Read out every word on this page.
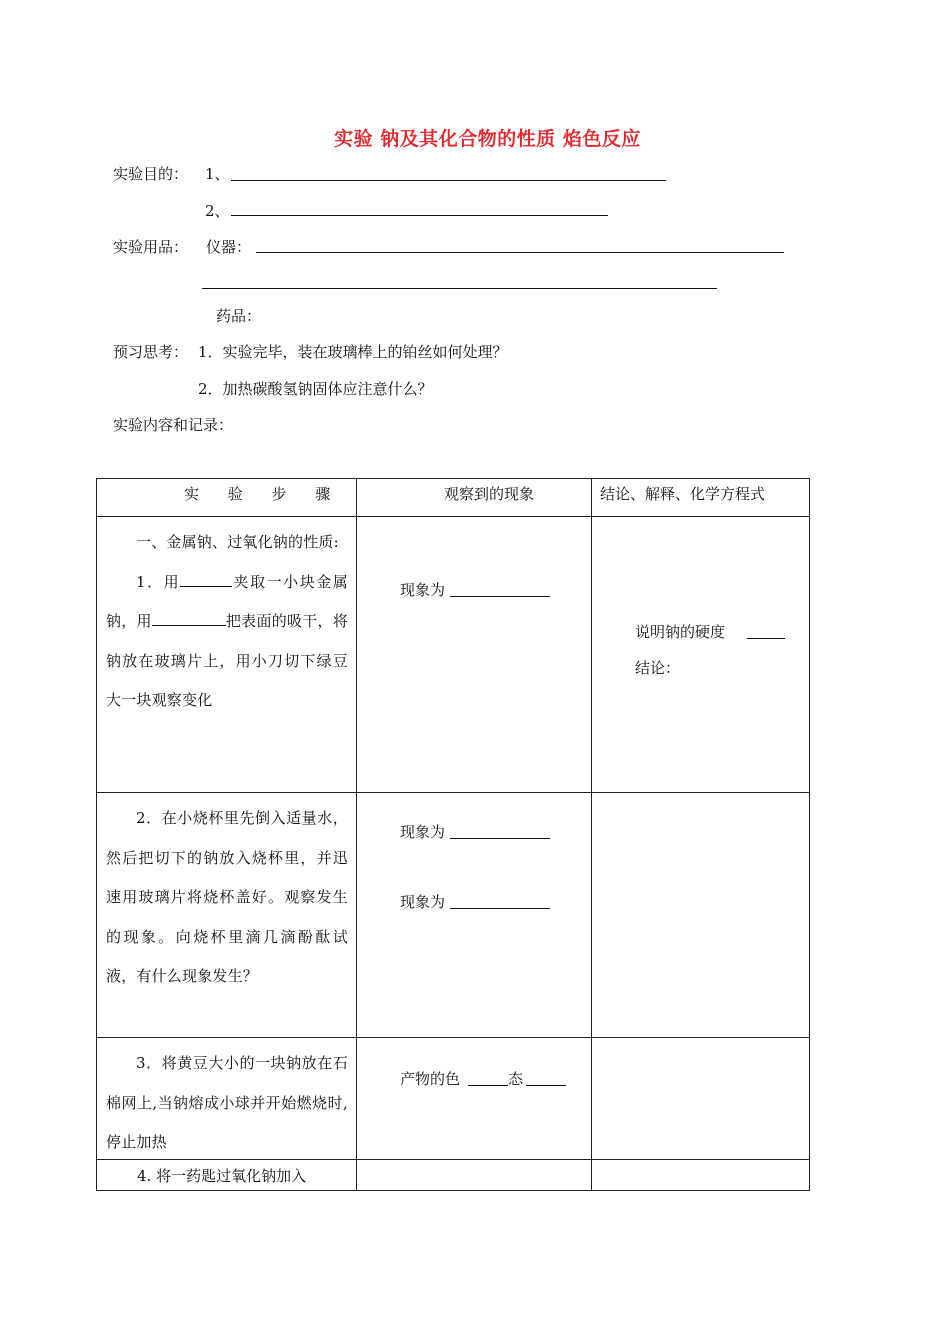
实验 钠及其化合物的性质 焰色反应
实验目的： 1、
2、
实验用品： 仪器：
药品：
预习思考： 1．实验完毕，装在玻璃棒上的铂丝如何处理？
2．加热碳酸氢钠固体应注意什么？
实验内容和记录：
实 验 步 骤	观察到的现象	结论、解释、化学方程式

一、金属钠、过氧化钠的性质:
1．用 夹取一小块金属钠，用 把表面的吸干，将钠放在玻璃片上，用小刀切下绿豆大一块观察变化	现象为	说明钠的硬度
结论：

2．在小烧杯里先倒入适量水，然后把切下的钠放入烧杯里，并迅速用玻璃片将烧杯盖好。观察发生的现象。向烧杯里滴几滴酚酞试液，有什么现象发生？	现象为
现象为	

3．将黄豆大小的一块钠放在石棉网上,当钠熔成小球并开始燃烧时,停止加热	产物的色 态	

4. 将一药匙过氧化钠加入		
